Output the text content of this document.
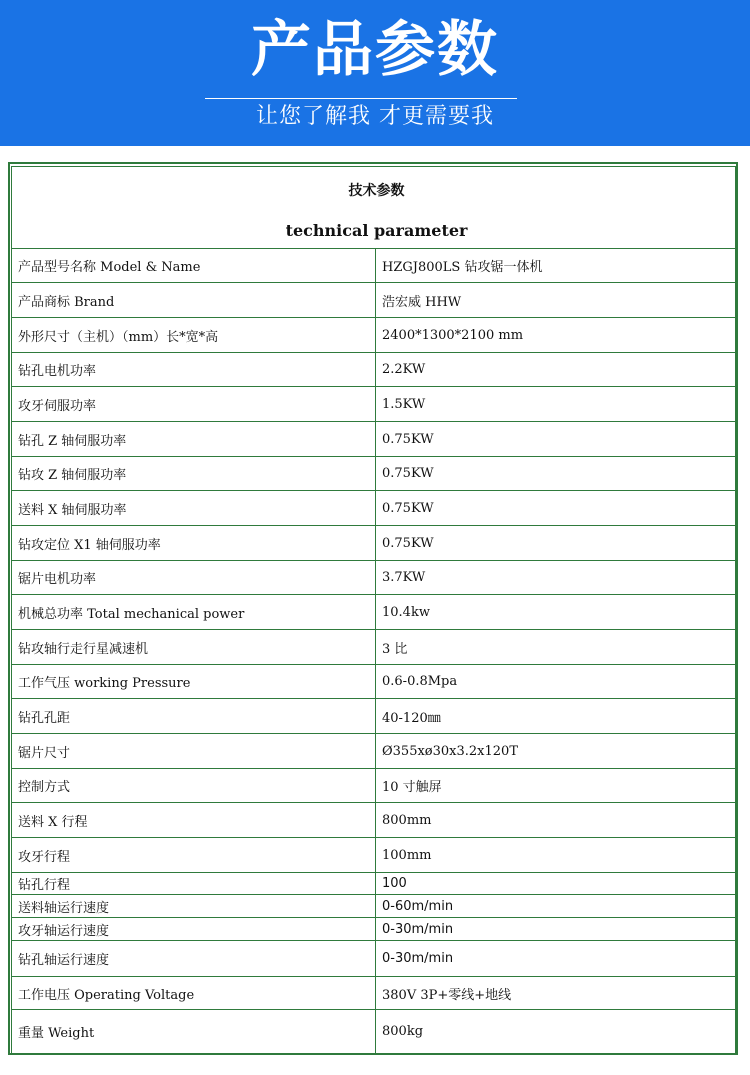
产品参数
让您了解我 才更需要我
技术参数
technical parameter	

产品型号名称 Model & Name	HZGJ800LS 钻攻锯一体机
产品商标 Brand	浩宏威 HHW
外形尺寸（主机）（mm）长*宽*高	2400*1300*2100 mm
钻孔电机功率	2.2KW
攻牙伺服功率	1.5KW
钻孔 Z 轴伺服功率	0.75KW
钻攻 Z 轴伺服功率	0.75KW
送料 X 轴伺服功率	0.75KW
钻攻定位 X1 轴伺服功率	0.75KW
锯片电机功率	3.7KW
机械总功率 Total mechanical power	10.4kw
钻攻轴行走行星减速机	3 比
工作气压 working Pressure	0.6-0.8Mpa
钻孔孔距	40-120㎜
锯片尺寸	Ø355xø30x3.2x120T
控制方式	10 寸触屏
送料 X 行程	800mm
攻牙行程	100mm
钻孔行程	100
送料轴运行速度	0-60m/min
攻牙轴运行速度	0-30m/min
钻孔轴运行速度	0-30m/min
工作电压 Operating Voltage	380V 3P+零线+地线
重量 Weight	800kg
